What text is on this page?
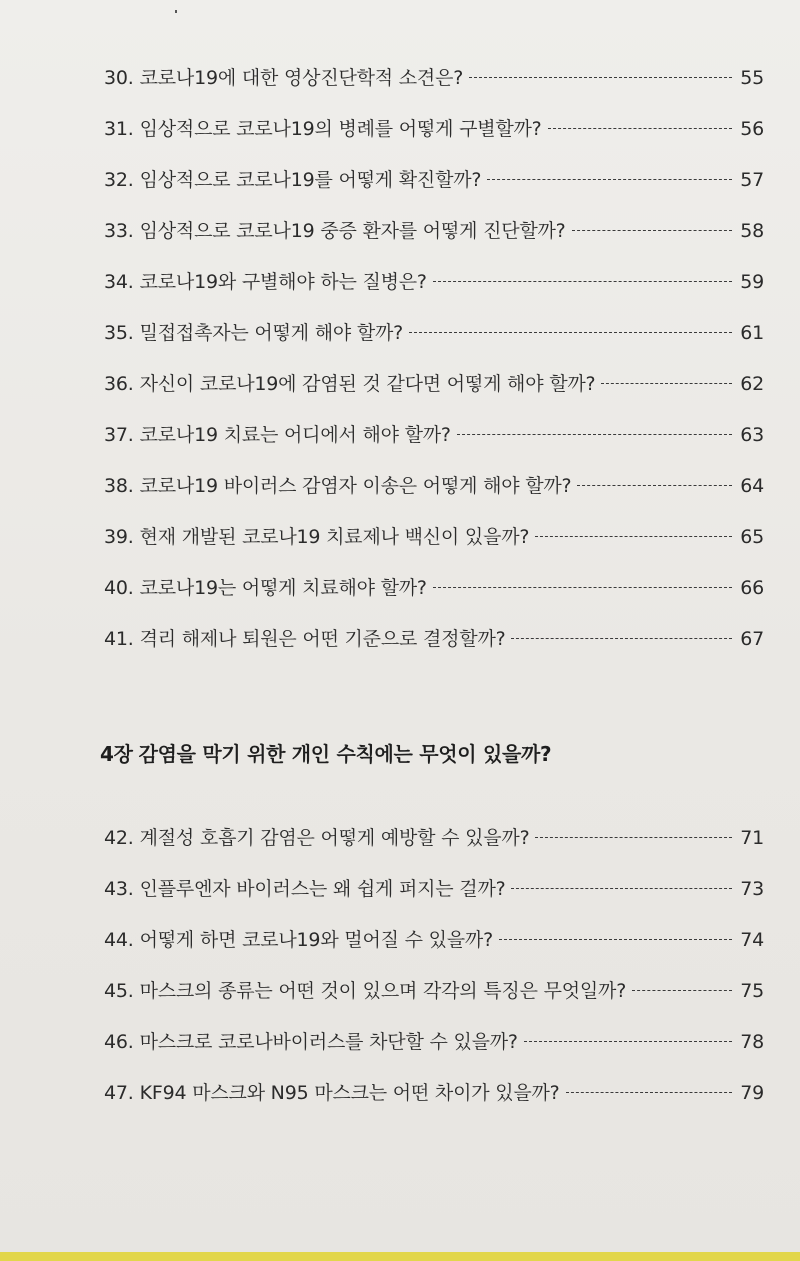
30. 코로나19에 대한 영상진단학적 소견은?	55
31. 임상적으로 코로나19의 병례를 어떻게 구별할까?	56
32. 임상적으로 코로나19를 어떻게 확진할까?	57
33. 임상적으로 코로나19 중증 환자를 어떻게 진단할까?	58
34. 코로나19와 구별해야 하는 질병은?	59
35. 밀접접촉자는 어떻게 해야 할까?	61
36. 자신이 코로나19에 감염된 것 같다면 어떻게 해야 할까?	62
37. 코로나19 치료는 어디에서 해야 할까?	63
38. 코로나19 바이러스 감염자 이송은 어떻게 해야 할까?	64
39. 현재 개발된 코로나19 치료제나 백신이 있을까?	65
40. 코로나19는 어떻게 치료해야 할까?	66
41. 격리 해제나 퇴원은 어떤 기준으로 결정할까?	67
4장 감염을 막기 위한 개인 수칙에는 무엇이 있을까?
42. 계절성 호흡기 감염은 어떻게 예방할 수 있을까?	71
43. 인플루엔자 바이러스는 왜 쉽게 퍼지는 걸까?	73
44. 어떻게 하면 코로나19와 멀어질 수 있을까?	74
45. 마스크의 종류는 어떤 것이 있으며 각각의 특징은 무엇일까?	75
46. 마스크로 코로나바이러스를 차단할 수 있을까?	78
47. KF94 마스크와 N95 마스크는 어떤 차이가 있을까?	79
